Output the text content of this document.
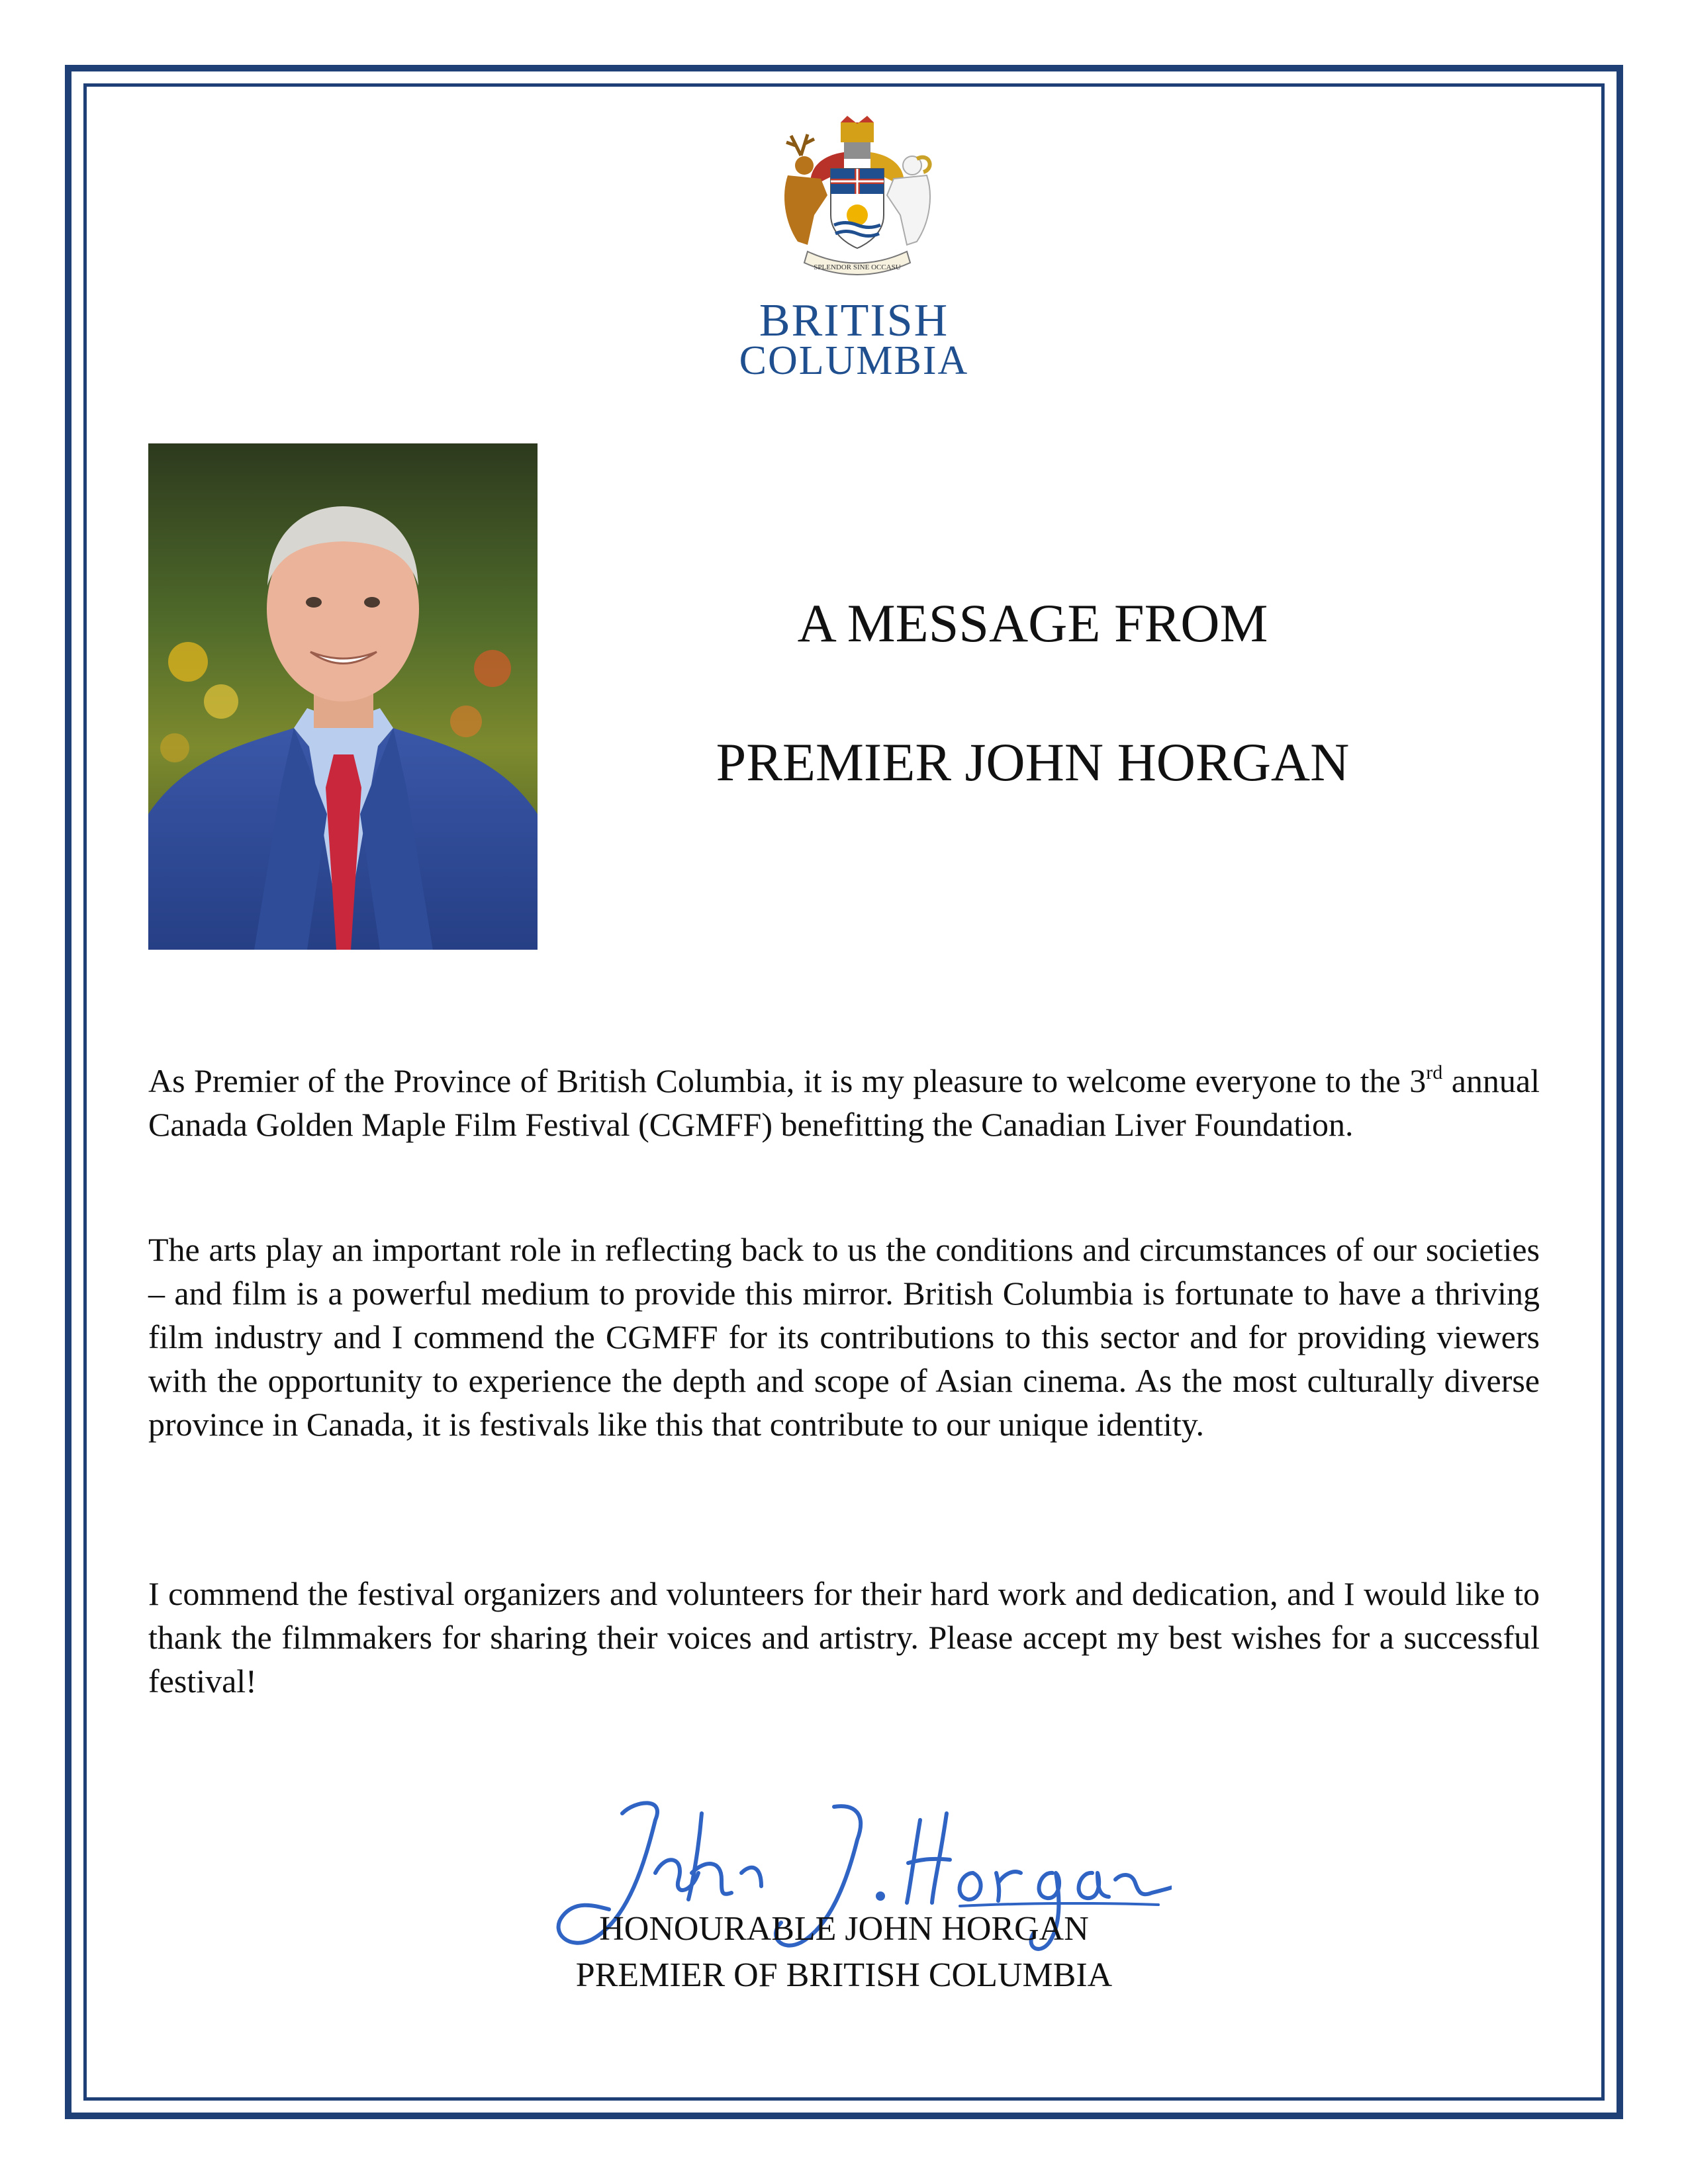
SPLENDOR SINE OCCASU
BRITISH
COLUMBIA
A MESSAGE FROM
PREMIER JOHN HORGAN

As Premier of the Province of British Columbia, it is my pleasure to welcome everyone to the 3rd annual Canada Golden Maple Film Festival (CGMFF) benefitting the Canadian Liver Foundation.

The arts play an important role in reflecting back to us the conditions and circumstances of our societies – and film is a powerful medium to provide this mirror. British Columbia is fortunate to have a thriving film industry and I commend the CGMFF for its contributions to this sector and for providing viewers with the opportunity to experience the depth and scope of Asian cinema. As the most culturally diverse province in Canada, it is festivals like this that contribute to our unique identity.

I commend the festival organizers and volunteers for their hard work and dedication, and I would like to thank the filmmakers for sharing their voices and artistry. Please accept my best wishes for a successful festival!

HONOURABLE JOHN HORGAN
PREMIER OF BRITISH COLUMBIA
